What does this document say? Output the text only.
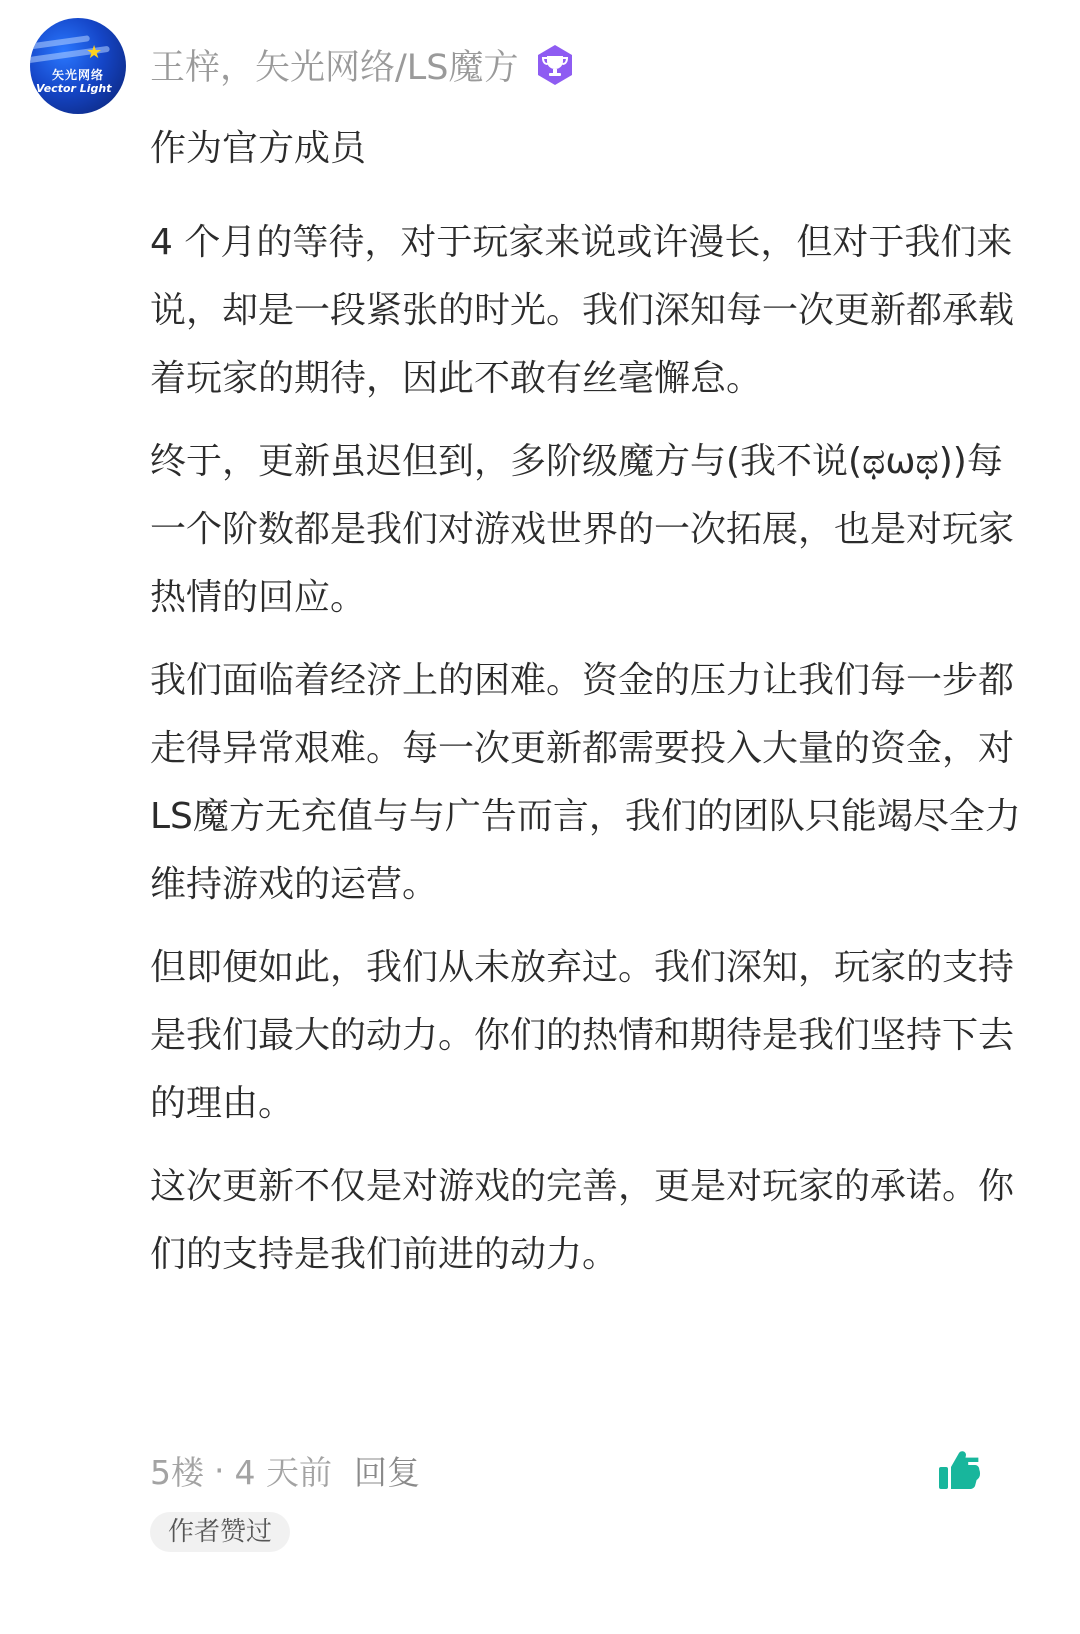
★
矢光网络
Vector Light
王梓，矢光网络/LS魔方

作为官方成员

4 个月的等待，对于玩家来说或许漫长，但对于我们来说，却是一段紧张的时光。我们深知每一次更新都承载着玩家的期待，因此不敢有丝毫懈怠。

终于，更新虽迟但到，多阶级魔方与(我不说(ಥωಥ))每一个阶数都是我们对游戏世界的一次拓展，也是对玩家热情的回应。

我们面临着经济上的困难。资金的压力让我们每一步都走得异常艰难。每一次更新都需要投入大量的资金，对LS魔方无充值与与广告而言，我们的团队只能竭尽全力维持游戏的运营。

但即便如此，我们从未放弃过。我们深知，玩家的支持是我们最大的动力。你们的热情和期待是我们坚持下去的理由。

这次更新不仅是对游戏的完善，更是对玩家的承诺。你们的支持是我们前进的动力。

5楼 · 4 天前 回复	5
作者赞过
